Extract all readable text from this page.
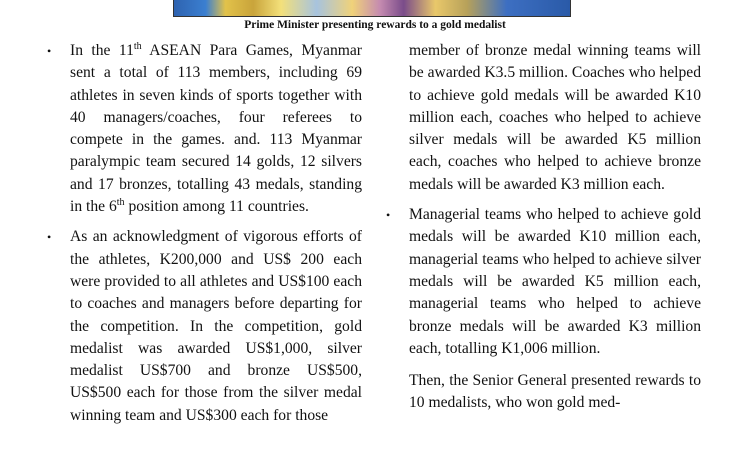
Prime Minister presenting rewards to a gold medalist
• In the 11th ASEAN Para Games, Myanmar sent a total of 113 members, including 69 athletes in seven kinds of sports together with 40 managers/coaches, four referees to compete in the games. and. 113 Myanmar paralympic team secured 14 golds, 12 silvers and 17 bronzes, totalling 43 medals, standing in the 6th position among 11 countries.
• As an acknowledgment of vigorous efforts of the athletes, K200,000 and US$ 200 each were provided to all athletes and US$100 each to coaches and managers before departing for the competition. In the competition, gold medalist was awarded US$1,000, silver medalist US$700 and bronze US$500, US$500 each for those from the silver medal winning team and US$300 each for those
member of bronze medal winning teams will be awarded K3.5 million. Coaches who helped to achieve gold medals will be awarded K10 million each, coaches who helped to achieve silver medals will be awarded K5 million each, coaches who helped to achieve bronze medals will be awarded K3 million each.
• Managerial teams who helped to achieve gold medals will be awarded K10 million each, managerial teams who helped to achieve silver medals will be awarded K5 million each, managerial teams who helped to achieve bronze medals will be awarded K3 million each, totalling K1,006 million.
Then, the Senior General presented rewards to 10 medalists, who won gold med-
